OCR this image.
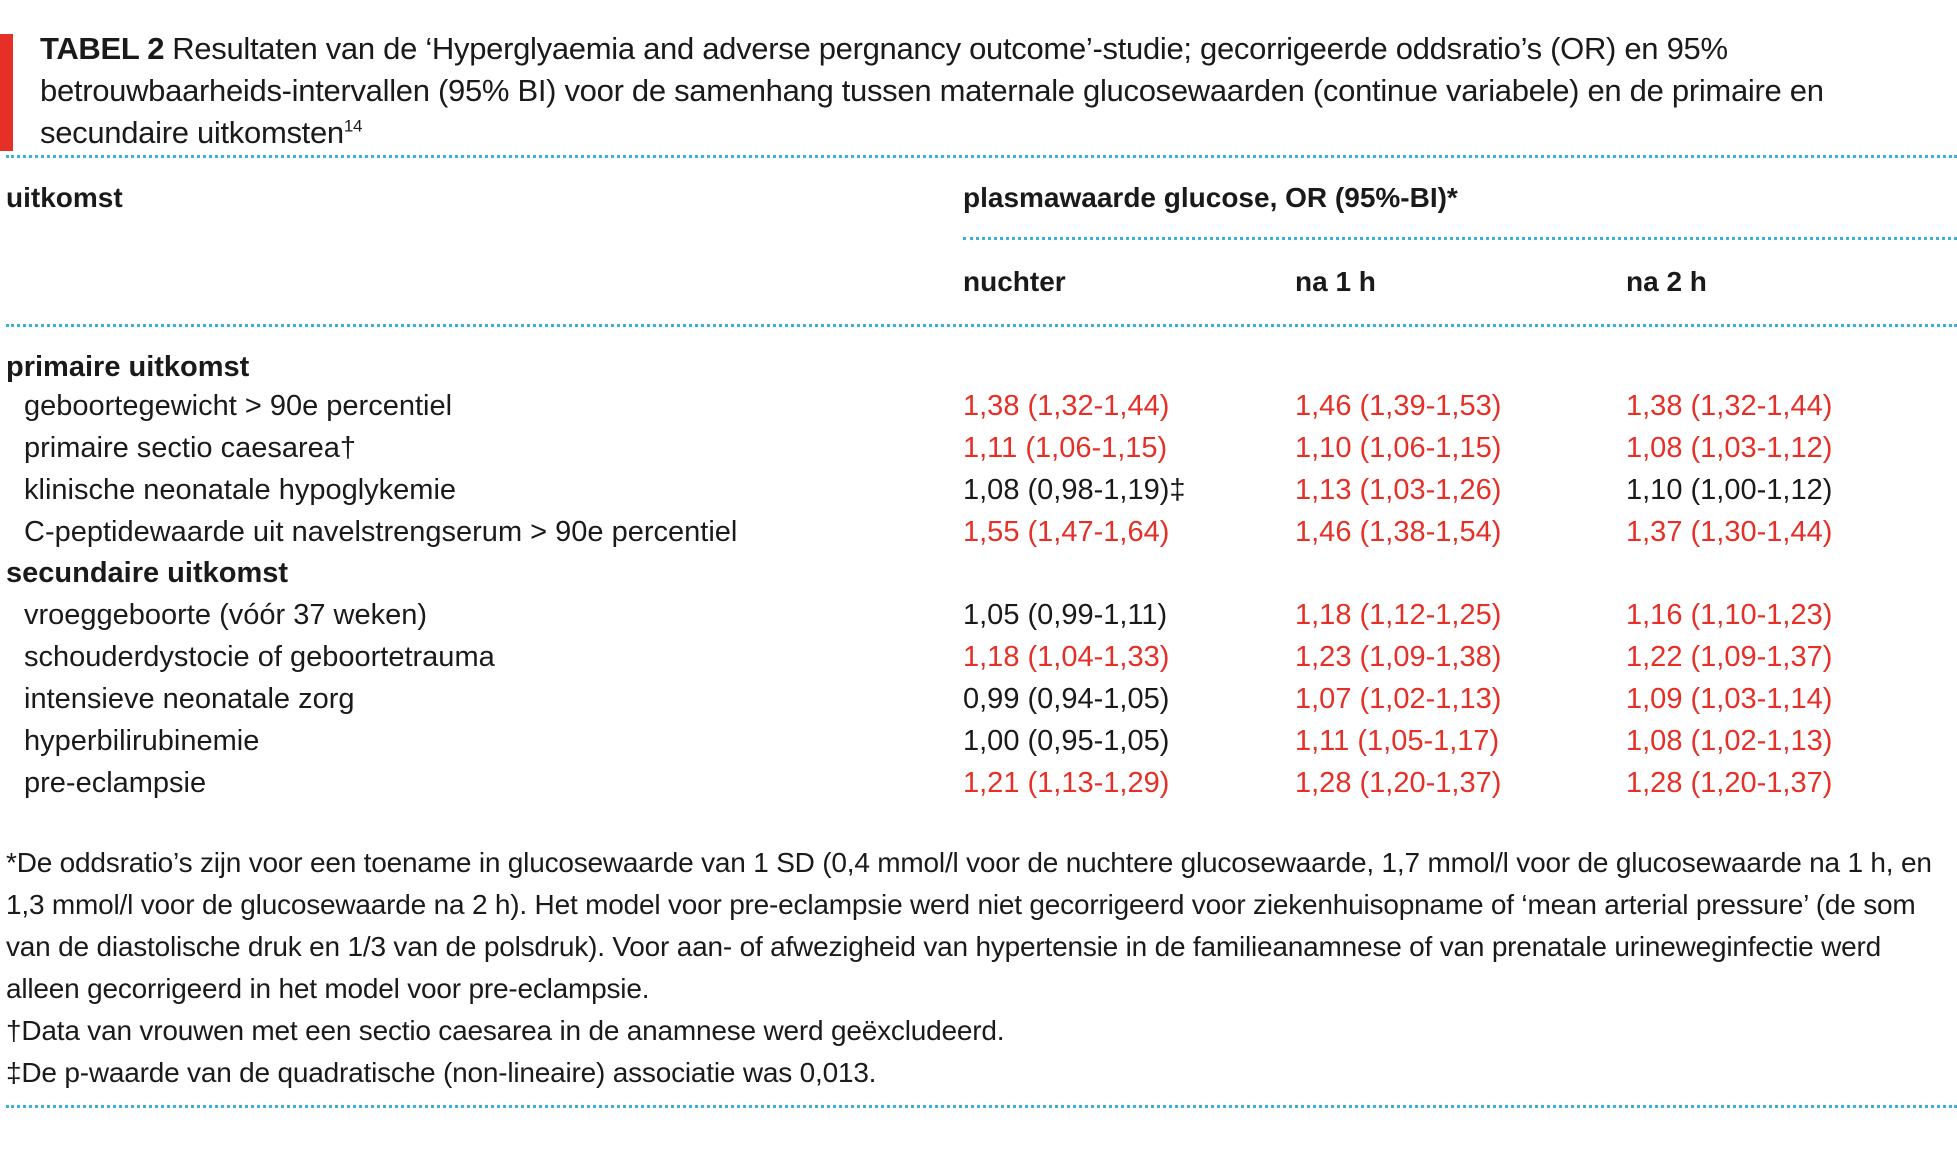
TABEL 2 Resultaten van de ‘Hyperglyaemia and adverse pergnancy outcome’-studie; gecorrigeerde oddsratio’s (OR) en 95% betrouwbaarheids-intervallen (95% BI) voor de samenhang tussen maternale glucosewaarden (continue variabele) en de primaire en secundaire uitkomsten$^{14}$
uitkomst	plasmawaarde glucose, OR (95%-BI)*
nuchter	na 1 h	na 2 h
primaire uitkomst
geboortegewicht > 90e percentiel	1,38 (1,32-1,44)	1,46 (1,39-1,53)	1,38 (1,32-1,44)
primaire sectio caesarea†	1,11 (1,06-1,15)	1,10 (1,06-1,15)	1,08 (1,03-1,12)
klinische neonatale hypoglykemie	1,08 (0,98-1,19)‡	1,13 (1,03-1,26)	1,10 (1,00-1,12)
C-peptidewaarde uit navelstrengserum > 90e percentiel	1,55 (1,47-1,64)	1,46 (1,38-1,54)	1,37 (1,30-1,44)
secundaire uitkomst
vroeggeboorte (vóór 37 weken)	1,05 (0,99-1,11)	1,18 (1,12-1,25)	1,16 (1,10-1,23)
schouderdystocie of geboortetrauma	1,18 (1,04-1,33)	1,23 (1,09-1,38)	1,22 (1,09-1,37)
intensieve neonatale zorg	0,99 (0,94-1,05)	1,07 (1,02-1,13)	1,09 (1,03-1,14)
hyperbilirubinemie	1,00 (0,95-1,05)	1,11 (1,05-1,17)	1,08 (1,02-1,13)
pre-eclampsie	1,21 (1,13-1,29)	1,28 (1,20-1,37)	1,28 (1,20-1,37)

*De oddsratio’s zijn voor een toename in glucosewaarde van 1 SD (0,4 mmol/l voor de nuchtere glucosewaarde, 1,7 mmol/l voor de glucosewaarde na 1 h, en 1,3 mmol/l voor de glucosewaarde na 2 h). Het model voor pre-eclampsie werd niet gecorrigeerd voor ziekenhuisopname of ‘mean arterial pressure’ (de som van de diastolische druk en 1/3 van de polsdruk). Voor aan- of afwezigheid van hypertensie in de familieanamnese of van prenatale urineweginfectie werd alleen gecorrigeerd in het model voor pre-eclampsie.

†Data van vrouwen met een sectio caesarea in de anamnese werd geëxcludeerd.

‡De p-waarde van de quadratische (non-lineaire) associatie was 0,013.
